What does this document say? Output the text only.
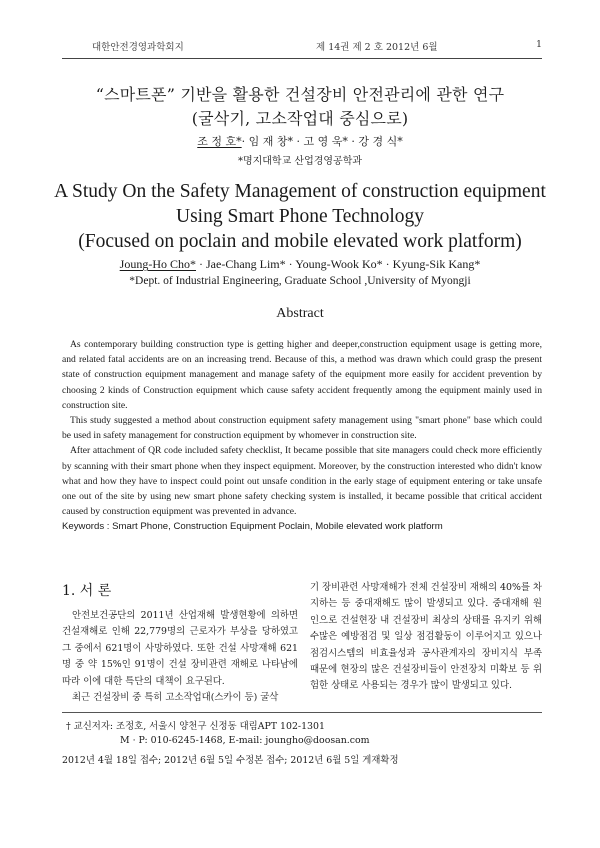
대한안전경영과학회지	제 14권 제 2 호 2012년 6월	1
“스마트폰” 기반을 활용한 건설장비 안전관리에 관한 연구
(굴삭기, 고소작업대 중심으로)
조 정 호*· 임 재 창* · 고 영 욱* · 강 경 식*
*명지대학교 산업경영공학과
A Study On the Safety Management of construction equipment
Using Smart Phone Technology
(Focused on poclain and mobile elevated work platform)
Joung-Ho Cho* · Jae-Chang Lim* · Young-Wook Ko* · Kyung-Sik Kang*
*Dept. of Industrial Engineering, Graduate School ,University of Myongji
Abstract

As contemporary building construction type is getting higher and deeper,construction equipment usage is getting more, and related fatal accidents are on an increasing trend. Because of this, a method was drawn which could grasp the present state of construction equipment management and manage safety of the equipment more easily for accident prevention by choosing 2 kinds of Construction equipment which cause safety accident frequently among the equipment mainly used in construction site.

This study suggested a method about construction equipment safety management using "smart phone" base which could be used in safety management for construction equipment by whomever in construction site.

After attachment of QR code included safety checklist, It became possible that site managers could check more efficiently by scanning with their smart phone when they inspect equipment. Moreover, by the construction interested who didn't know what and how they have to inspect could point out unsafe condition in the early stage of equipment entering or take unsafe one out of the site by using new smart phone safety checking system is installed, it became possible that critical accident caused by construction equipment was prevented in advance.

Keywords : Smart Phone, Construction Equipment Poclain, Mobile elevated work platform

1. 서 론

안전보건공단의 2011년 산업재해 발생현황에 의하면 건설재해로 인해 22,779명의 근로자가 부상을 당하였고 그 중에서 621명이 사망하였다. 또한 건설 사망재해 621명 중 약 15%인 91명이 건설 장비관련 재해로 나타남에 따라 이에 대한 특단의 대책이 요구된다.

최근 건설장비 중 특히 고소작업대(스카이 등) 굴삭

기 장비관련 사망재해가 전체 건설장비 재해의 40%를 차지하는 등 중대재해도 많이 발생되고 있다. 중대재해 원인으로 건설현장 내 건설장비 최상의 상태를 유지키 위해 수많은 예방점검 및 일상 점검활동이 이루어지고 있으나 점검시스템의 비효율성과 공사관계자의 장비지식 부족 때문에 현장의 많은 건설장비들이 안전장치 미확보 등 위험한 상태로 사용되는 경우가 많이 발생되고 있다.

† 교신저자: 조정호, 서울시 양천구 신정동 대림APT 102-1301
M · P: 010-6245-1468, E-mail: joungho@doosan.com
2012년 4월 18일 접수; 2012년 6월 5일 수정본 접수; 2012년 6월 5일 게재확정
